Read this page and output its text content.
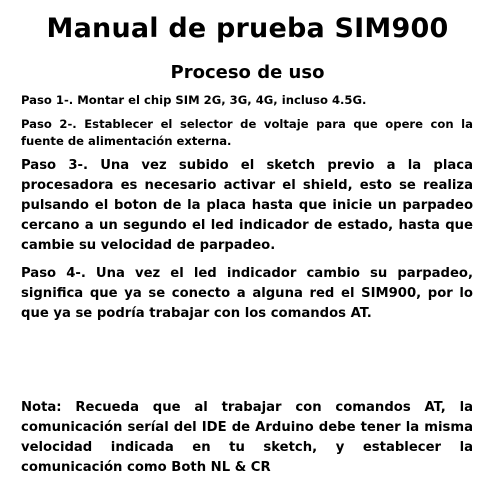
Manual de prueba SIM900
Proceso de uso

Paso 1-. Montar el chip SIM 2G, 3G, 4G, incluso 4.5G.

Paso 2-. Establecer el selector de voltaje para que opere con la fuente de alimentación externa.

Paso 3-. Una vez subido el sketch previo a la placa procesadora es necesario activar el shield, esto se realiza pulsando el boton de la placa hasta que inicie un parpadeo cercano a un segundo el led indicador de estado, hasta que cambie su velocidad de parpadeo.

Paso 4-. Una vez el led indicador cambio su parpadeo, significa que ya se conecto a alguna red el SIM900, por lo que ya se podría trabajar con los comandos AT.

Nota: Recueda que al trabajar con comandos AT, la comunicación seríal del IDE de Arduino debe tener la misma velocidad indicada en tu sketch, y establecer la comunicación como Both NL & CR
